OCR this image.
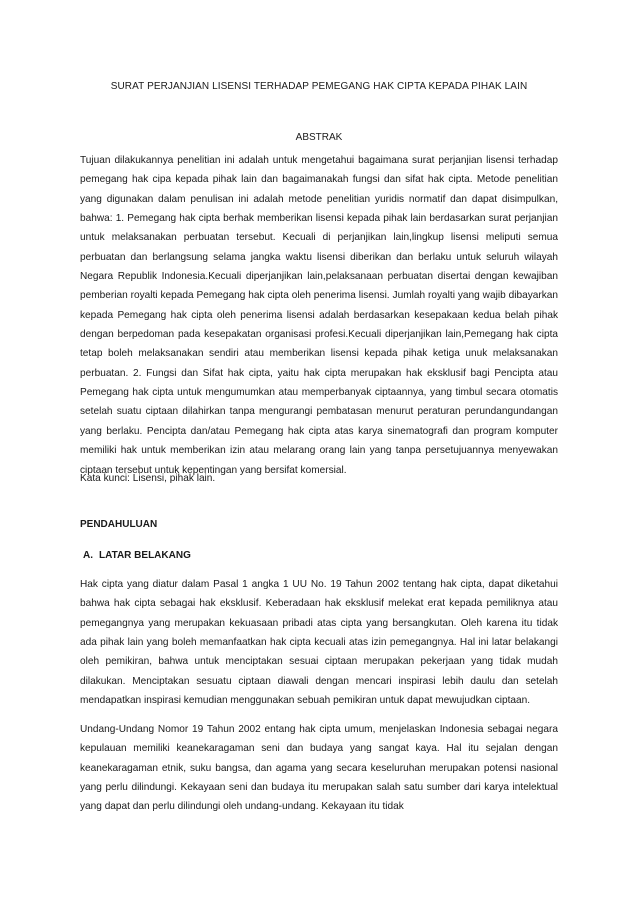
SURAT PERJANJIAN LISENSI TERHADAP PEMEGANG HAK CIPTA KEPADA PIHAK LAIN
ABSTRAK
Tujuan dilakukannya penelitian ini adalah untuk mengetahui bagaimana surat perjanjian lisensi terhadap pemegang hak cipa kepada pihak lain dan bagaimanakah fungsi dan sifat hak cipta. Metode penelitian yang digunakan dalam penulisan ini adalah metode penelitian yuridis normatif dan dapat disimpulkan, bahwa: 1. Pemegang hak cipta berhak memberikan lisensi kepada pihak lain berdasarkan surat perjanjian untuk melaksanakan perbuatan tersebut. Kecuali di perjanjikan lain,lingkup lisensi meliputi semua perbuatan dan berlangsung selama jangka waktu lisensi diberikan dan berlaku untuk seluruh wilayah Negara Republik Indonesia.Kecuali diperjanjikan lain,pelaksanaan perbuatan disertai dengan kewajiban pemberian royalti kepada Pemegang hak cipta oleh penerima lisensi. Jumlah royalti yang wajib dibayarkan kepada Pemegang hak cipta oleh penerima lisensi adalah berdasarkan kesepakaan kedua belah pihak dengan berpedoman pada kesepakatan organisasi profesi.Kecuali diperjanjikan lain,Pemegang hak cipta tetap boleh melaksanakan sendiri atau memberikan lisensi kepada pihak ketiga unuk melaksanakan perbuatan. 2. Fungsi dan Sifat hak cipta, yaitu hak cipta merupakan hak eksklusif bagi Pencipta atau Pemegang hak cipta untuk mengumumkan atau memperbanyak ciptaannya, yang timbul secara otomatis setelah suatu ciptaan dilahirkan tanpa mengurangi pembatasan menurut peraturan perundangundangan yang berlaku. Pencipta dan/atau Pemegang hak cipta atas karya sinematografi dan program komputer memiliki hak untuk memberikan izin atau melarang orang lain yang tanpa persetujuannya menyewakan ciptaan tersebut untuk kepentingan yang bersifat komersial.
Kata kunci: Lisensi, pihak lain.
PENDAHULUAN
A. LATAR BELAKANG
Hak cipta yang diatur dalam Pasal 1 angka 1 UU No. 19 Tahun 2002 tentang hak cipta, dapat diketahui bahwa hak cipta sebagai hak eksklusif. Keberadaan hak eksklusif melekat erat kepada pemiliknya atau pemegangnya yang merupakan kekuasaan pribadi atas cipta yang bersangkutan. Oleh karena itu tidak ada pihak lain yang boleh memanfaatkan hak cipta kecuali atas izin pemegangnya. Hal ini latar belakangi oleh pemikiran, bahwa untuk menciptakan sesuai ciptaan merupakan pekerjaan yang tidak mudah dilakukan. Menciptakan sesuatu ciptaan diawali dengan mencari inspirasi lebih daulu dan setelah mendapatkan inspirasi kemudian menggunakan sebuah pemikiran untuk dapat mewujudkan ciptaan.
Undang-Undang Nomor 19 Tahun 2002 entang hak cipta umum, menjelaskan Indonesia sebagai negara kepulauan memiliki keanekaragaman seni dan budaya yang sangat kaya. Hal itu sejalan dengan keanekaragaman etnik, suku bangsa, dan agama yang secara keseluruhan merupakan potensi nasional yang perlu dilindungi. Kekayaan seni dan budaya itu merupakan salah satu sumber dari karya intelektual yang dapat dan perlu dilindungi oleh undang-undang. Kekayaan itu tidak
